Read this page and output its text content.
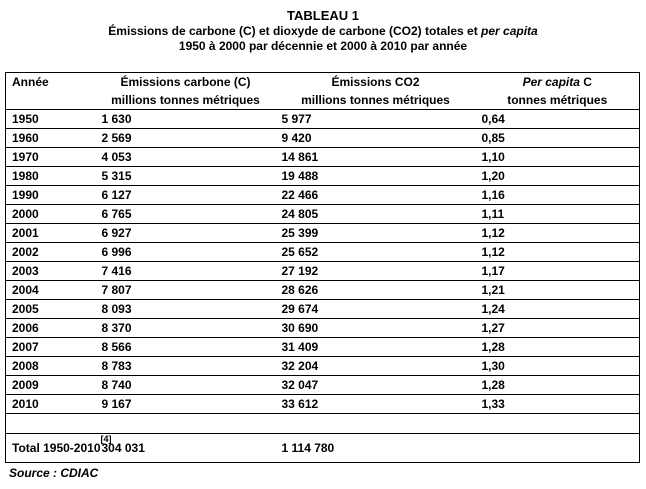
TABLEAU 1
Émissions de carbone (C) et dioxyde de carbone (CO2) totales et per capita
1950 à 2000 par décennie et 2000 à 2010 par année
Année	Émissions carbone (C)	Émissions CO2	Per capita C
	millions tonnes métriques	millions tonnes métriques	tonnes métriques
1950	1 630	5 977	0,64
1960	2 569	9 420	0,85
1970	4 053	14 861	1,10
1980	5 315	19 488	1,20
1990	6 127	22 466	1,16
2000	6 765	24 805	1,11
2001	6 927	25 399	1,12
2002	6 996	25 652	1,12
2003	7 416	27 192	1,17
2004	7 807	28 626	1,21
2005	8 093	29 674	1,24
2006	8 370	30 690	1,27
2007	8 566	31 409	1,28
2008	8 783	32 204	1,30
2009	8 740	32 047	1,28
2010	9 167	33 612	1,33

Total 1950-2010[4]	304 031	1 114 780	
Source : CDIAC
